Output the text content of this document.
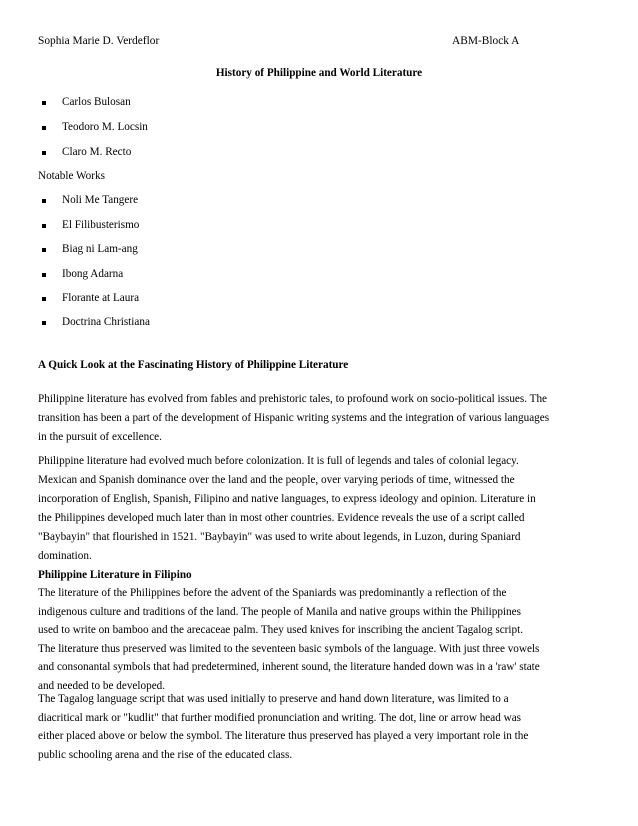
Sophia Marie D. Verdeflor	ABM-Block A
History of Philippine and World Literature
Carlos Bulosan
Teodoro M. Locsin
Claro M. Recto
Notable Works
Noli Me Tangere
El Filibusterismo
Biag ni Lam-ang
Ibong Adarna
Florante at Laura
Doctrina Christiana
A Quick Look at the Fascinating History of Philippine Literature
Philippine literature has evolved from fables and prehistoric tales, to profound work on socio-political issues. The
transition has been a part of the development of Hispanic writing systems and the integration of various languages
in the pursuit of excellence.
Philippine literature had evolved much before colonization. It is full of legends and tales of colonial legacy.
Mexican and Spanish dominance over the land and the people, over varying periods of time, witnessed the
incorporation of English, Spanish, Filipino and native languages, to express ideology and opinion. Literature in
the Philippines developed much later than in most other countries. Evidence reveals the use of a script called
"Baybayin" that flourished in 1521. "Baybayin" was used to write about legends, in Luzon, during Spaniard
domination.
Philippine Literature in Filipino
The literature of the Philippines before the advent of the Spaniards was predominantly a reflection of the
indigenous culture and traditions of the land. The people of Manila and native groups within the Philippines
used to write on bamboo and the arecaceae palm. They used knives for inscribing the ancient Tagalog script.
The literature thus preserved was limited to the seventeen basic symbols of the language. With just three vowels
and consonantal symbols that had predetermined, inherent sound, the literature handed down was in a 'raw' state
and needed to be developed.
The Tagalog language script that was used initially to preserve and hand down literature, was limited to a
diacritical mark or "kudlit" that further modified pronunciation and writing. The dot, line or arrow head was
either placed above or below the symbol. The literature thus preserved has played a very important role in the
public schooling arena and the rise of the educated class.
